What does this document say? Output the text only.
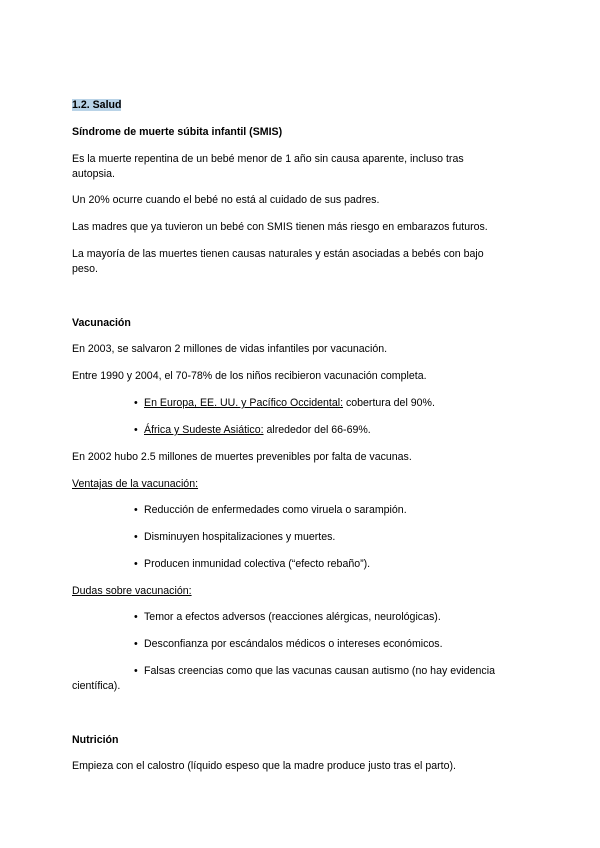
1.2. Salud
Síndrome de muerte súbita infantil (SMIS)
Es la muerte repentina de un bebé menor de 1 año sin causa aparente, incluso tras
autopsia.
Un 20% ocurre cuando el bebé no está al cuidado de sus padres.
Las madres que ya tuvieron un bebé con SMIS tienen más riesgo en embarazos futuros.
La mayoría de las muertes tienen causas naturales y están asociadas a bebés con bajo
peso.
Vacunación
En 2003, se salvaron 2 millones de vidas infantiles por vacunación.
Entre 1990 y 2004, el 70-78% de los niños recibieron vacunación completa.
• En Europa, EE. UU. y Pacífico Occidental: cobertura del 90%.
• África y Sudeste Asiático: alrededor del 66-69%.
En 2002 hubo 2.5 millones de muertes prevenibles por falta de vacunas.
Ventajas de la vacunación:
• Reducción de enfermedades como viruela o sarampión.
• Disminuyen hospitalizaciones y muertes.
• Producen inmunidad colectiva (“efecto rebaño”).
Dudas sobre vacunación:
• Temor a efectos adversos (reacciones alérgicas, neurológicas).
• Desconfianza por escándalos médicos o intereses económicos.
• Falsas creencias como que las vacunas causan autismo (no hay evidencia
científica).
Nutrición
Empieza con el calostro (líquido espeso que la madre produce justo tras el parto).
